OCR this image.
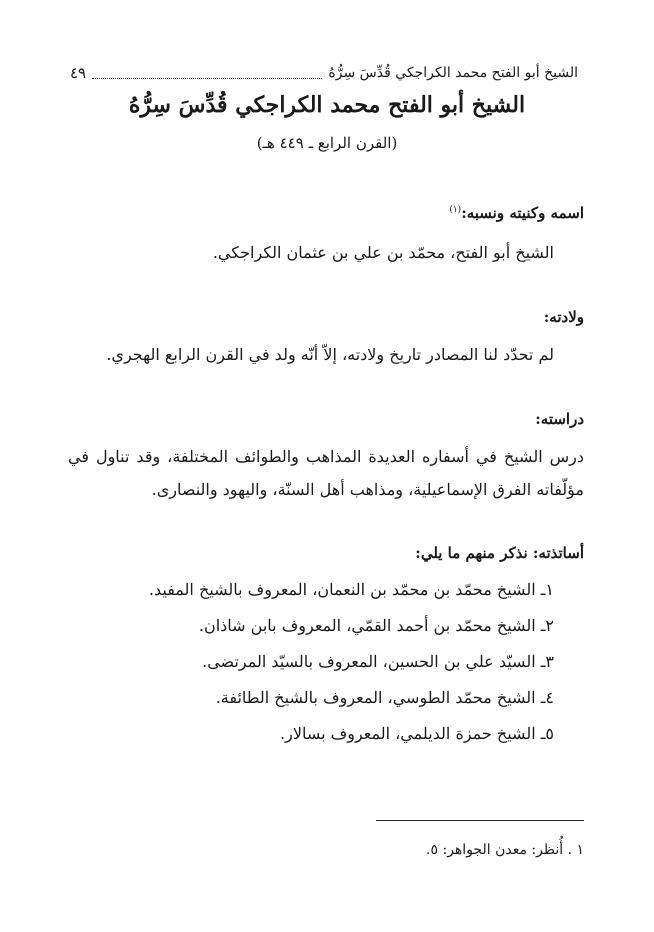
الشيخ أبو الفتح محمد الكراجكي قُدِّسَ سِرُّهُ
٤٩
الشيخ أبو الفتح محمد الكراجكي قُدِّسَ سِرُّهُ
(القرن الرابع ـ ٤٤٩ هـ)
اسمه وكنيته ونسبه:$^{(١)}$
الشيخ أبو الفتح، محمّد بن علي بن عثمان الكراجكي.
ولادته:
لم تحدّد لنا المصادر تاريخ ولادته، إلاّ أنّه ولد في القرن الرابع الهجري.
دراسته:
درس الشيخ في أسفاره العديدة المذاهب والطوائف المختلفة، وقد تناول في مؤلّفاته الفرق الإسماعيلية، ومذاهب أهل السنّة، واليهود والنصارى.
أساتذته: نذكر منهم ما يلي:
١ـ الشيخ محمّد بن محمّد بن النعمان، المعروف بالشيخ المفيد.
٢ـ الشيخ محمّد بن أحمد القمّي، المعروف بابن شاذان.
٣ـ السيّد علي بن الحسين، المعروف بالسيّد المرتضى.
٤ـ الشيخ محمّد الطوسي، المعروف بالشيخ الطائفة.
٥ـ الشيخ حمزة الديلمي، المعروف بسالار.
١ . أُنظر: معدن الجواهر: ٥.
